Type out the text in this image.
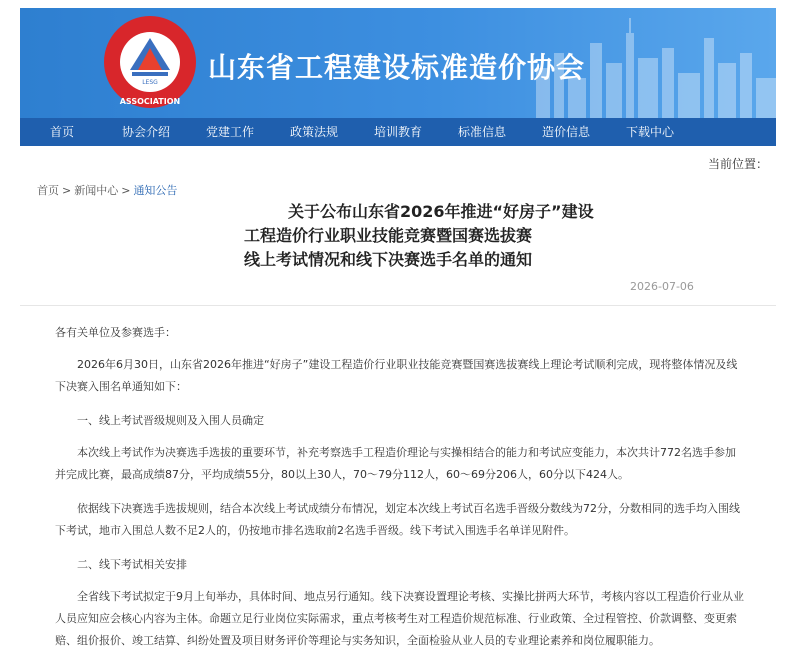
LESG
ASSOCIATION
山东省工程建设标准造价协会
首页	协会介绍	党建工作	政策法规	培训教育	标准信息	造价信息	下载中心
当前位置：
首页 > 新闻中心 > 通知公告
关于公布山东省2026年推进“好房子”建设
工程造价行业职业技能竞赛暨国赛选拔赛
线上考试情况和线下决赛选手名单的通知
2026-07-06

各有关单位及参赛选手：

2026年6月30日，山东省2026年推进“好房子”建设工程造价行业职业技能竞赛暨国赛选拔赛线上理论考试顺利完成，现将整体情况及线下决赛入围名单通知如下：

一、线上考试晋级规则及入围人员确定

本次线上考试作为决赛选手选拔的重要环节，补充考察选手工程造价理论与实操相结合的能力和考试应变能力，本次共计772名选手参加并完成比赛，最高成绩87分，平均成绩55分，80以上30人，70～79分112人，60～69分206人，60分以下424人。

依据线下决赛选手选拔规则，结合本次线上考试成绩分布情况，划定本次线上考试百名选手晋级分数线为72分，分数相同的选手均入围线下考试，地市入围总人数不足2人的，仍按地市排名选取前2名选手晋级。线下考试入围选手名单详见附件。

二、线下考试相关安排

全省线下考试拟定于9月上旬举办，具体时间、地点另行通知。线下决赛设置理论考核、实操比拼两大环节，考核内容以工程造价行业从业人员应知应会核心内容为主体。命题立足行业岗位实际需求，重点考核考生对工程造价规范标准、行业政策、全过程管控、价款调整、变更索赔、组价报价、竣工结算、纠纷处置及项目财务评价等理论与实务知识，全面检验从业人员的专业理论素养和岗位履职能力。
